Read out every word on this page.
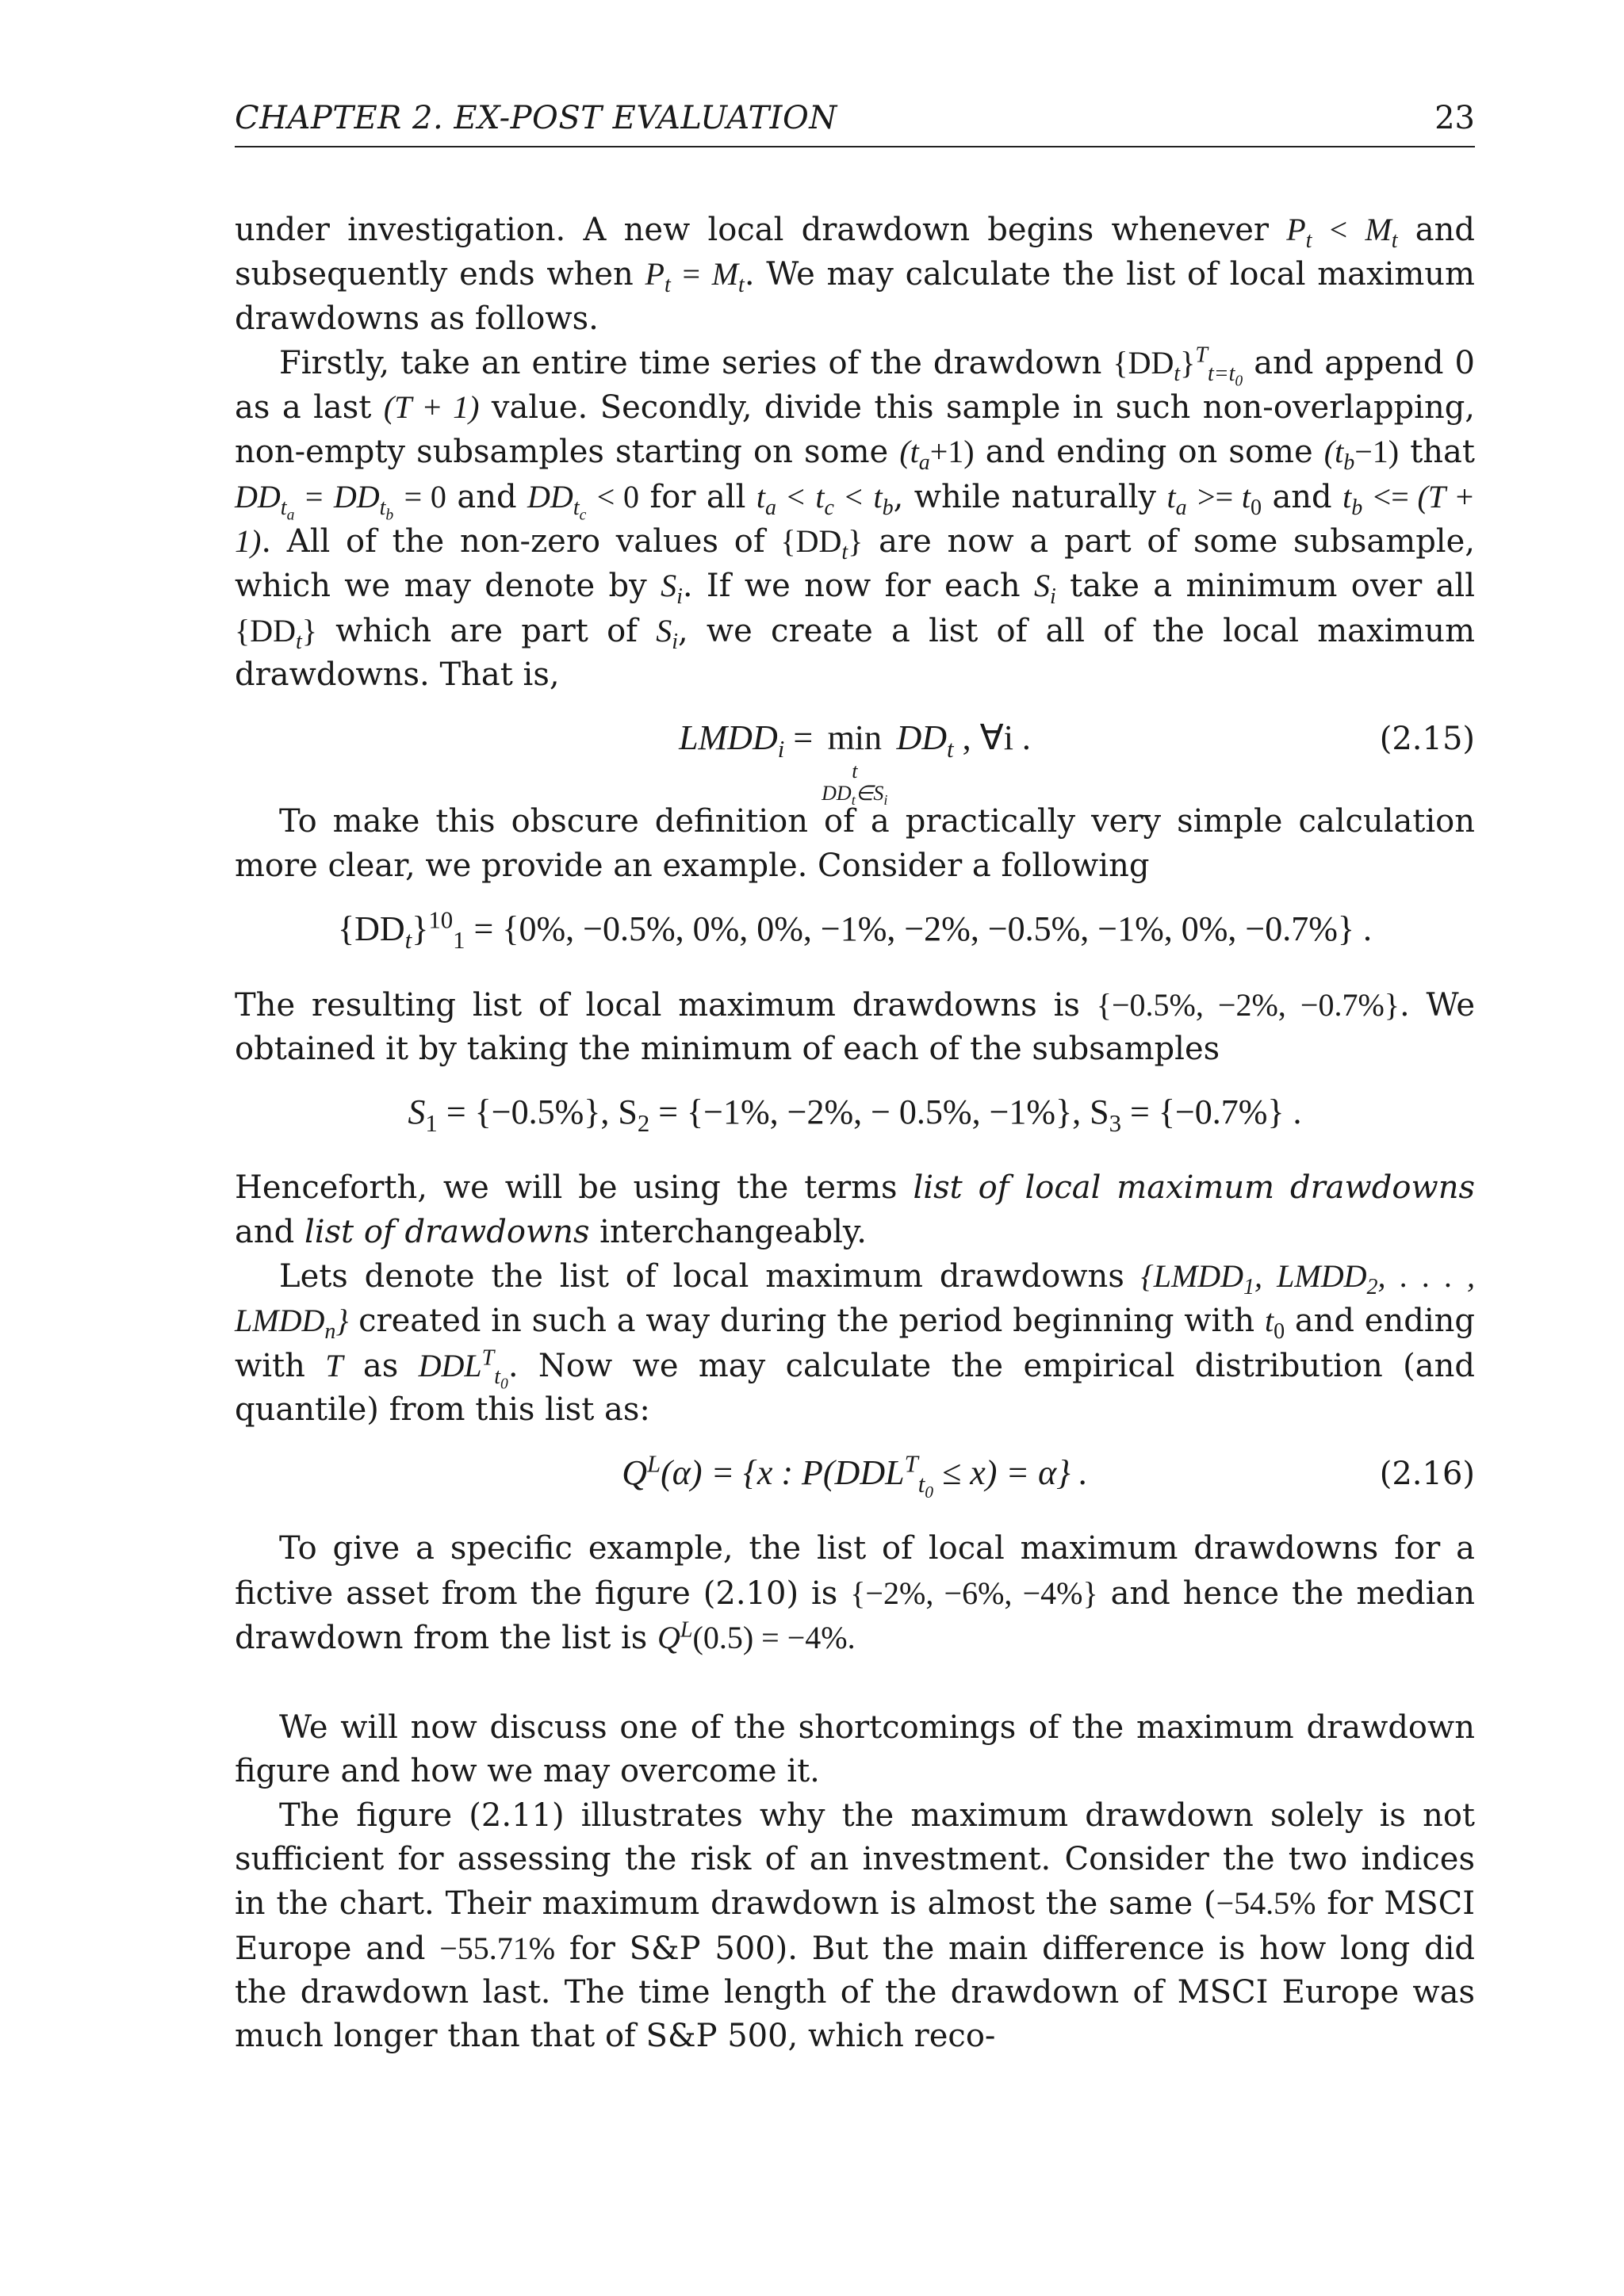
CHAPTER 2. EX-POST EVALUATION	23

under investigation. A new local drawdown begins whenever $P_t < M_t$ and subsequently ends when $P_t = M_t$. We may calculate the list of local maximum drawdowns as follows.

Firstly, take an entire time series of the drawdown $\{DD_t\}^T_{t=t_0}$ and append 0 as a last (T + 1) value. Secondly, divide this sample in such non-overlapping, non-empty subsamples starting on some $(t_a+1)$ and ending on some $(t_b-1)$ that $DD_{t_a} = DD_{t_b} = 0$ and $DD_{t_c} < 0$ for all $t_a < t_c < t_b$, while naturally $t_a >= t_0$ and $t_b <= (T + 1)$. All of the non-zero values of $\{DD_t\}$ are now a part of some subsample, which we may denote by $S_i$. If we now for each $S_i$ take a minimum over all $\{DD_t\}$ which are part of $S_i$, we create a list of all of the local maximum drawdowns. That is,

$LMDD_i = \min$
t
$DD_t\in S_i$
$DD_t$ , ∀i .	(2.15)

To make this obscure definition of a practically very simple calculation more clear, we provide an example. Consider a following

$\{DD_t\}^{10}_1 = \{0\%$, −0.5%, 0%, 0%, −1%, −2%, −0.5%, −1%, 0%, −0.7%} .

The resulting list of local maximum drawdowns is {−0.5%, −2%, −0.7%}. We obtained it by taking the minimum of each of the subsamples

$S_1 = \{-0.5\%\}$, $S_2 = \{-1\%$, −2%, − 0.5%, −1%}, $S_3 = \{-0.7\%\}$ .

Henceforth, we will be using the terms list of local maximum drawdowns and list of drawdowns interchangeably.

Lets denote the list of local maximum drawdowns {$LMDD_1$, $LMDD_2$, . . . , $LMDD_n$} created in such a way during the period beginning with $t_0$ and ending with T as $DDL^T_{t_0}$. Now we may calculate the empirical distribution (and quantile) from this list as:

$Q^L(\alpha) = \{x$ : $P(DDL^T_{t_0} \le x) = \alpha$} .	(2.16)

To give a specific example, the list of local maximum drawdowns for a fictive asset from the figure (2.10) is {−2%, −6%, −4%} and hence the median drawdown from the list is $Q^L(0.5) = -4\%$.

We will now discuss one of the shortcomings of the maximum drawdown figure and how we may overcome it.

The figure (2.11) illustrates why the maximum drawdown solely is not sufficient for assessing the risk of an investment. Consider the two indices in the chart. Their maximum drawdown is almost the same (−54.5% for MSCI Europe and −55.71% for S&P 500). But the main difference is how long did the drawdown last. The time length of the drawdown of MSCI Europe was much longer than that of S&P 500, which reco-
